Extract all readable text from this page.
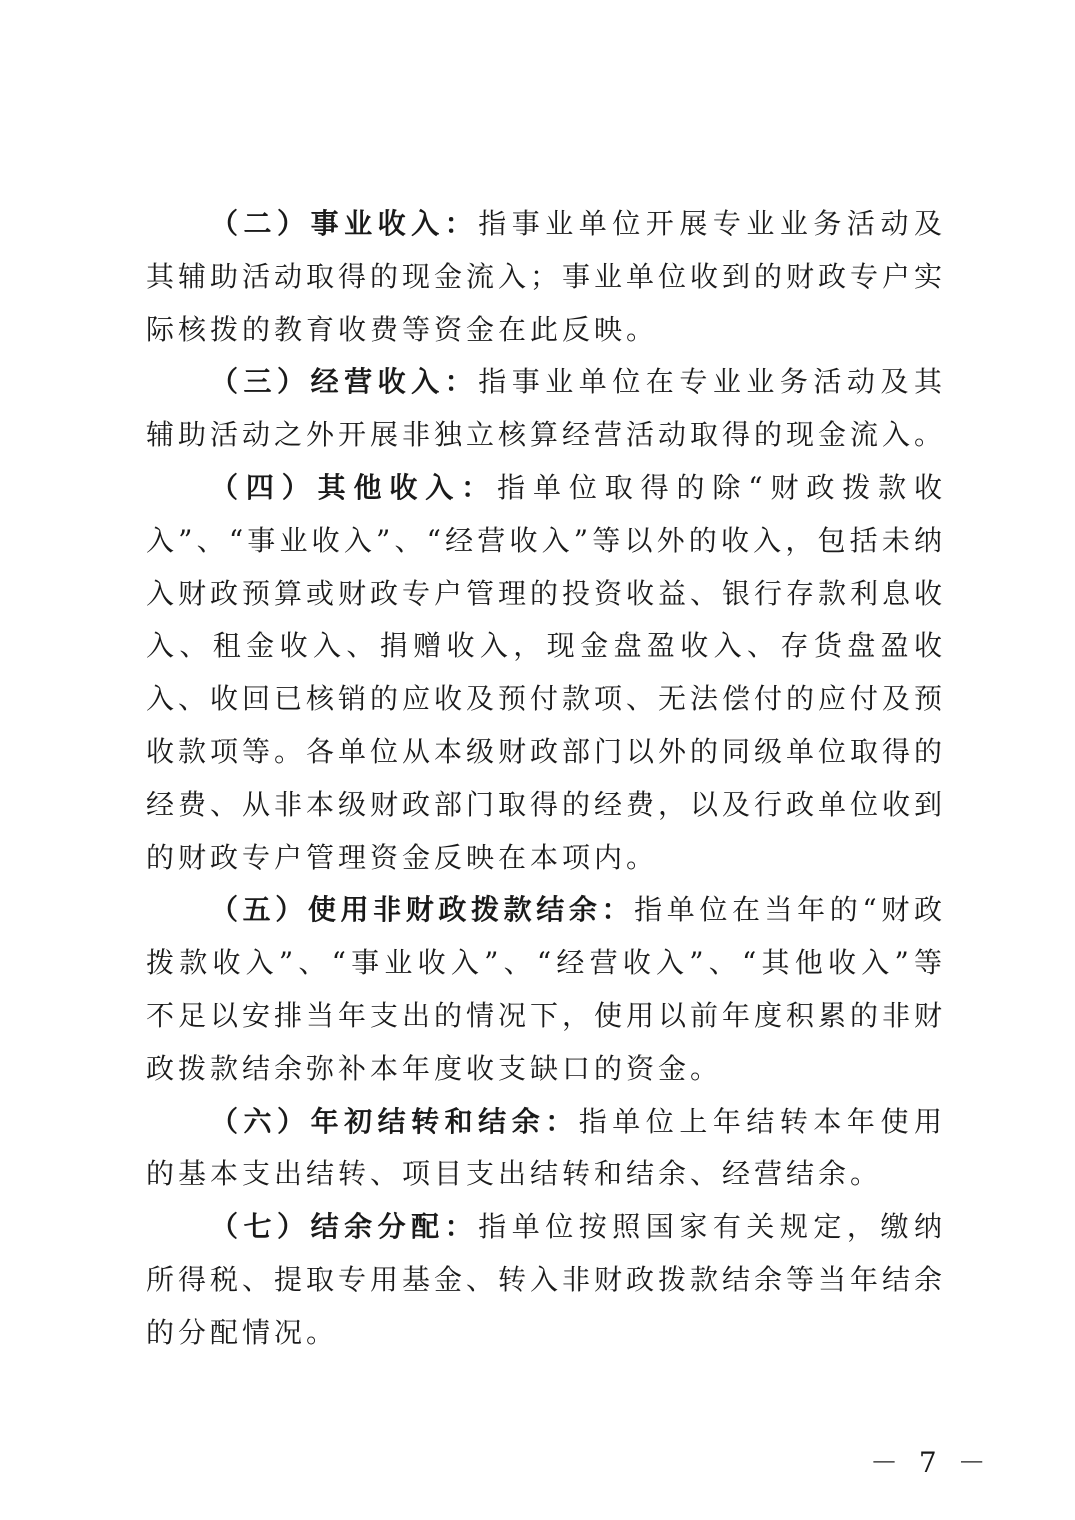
（二）事业收入：指事业单位开展专业业务活动及其辅助活动取得的现金流入；事业单位收到的财政专户实际核拨的教育收费等资金在此反映。

（三）经营收入：指事业单位在专业业务活动及其辅助活动之外开展非独立核算经营活动取得的现金流入。

（四）其他收入：指单位取得的除“财政拨款收入”、“事业收入”、“经营收入”等以外的收入，包括未纳入财政预算或财政专户管理的投资收益、银行存款利息收入、租金收入、捐赠收入，现金盘盈收入、存货盘盈收入、收回已核销的应收及预付款项、无法偿付的应付及预收款项等。各单位从本级财政部门以外的同级单位取得的经费、从非本级财政部门取得的经费，以及行政单位收到的财政专户管理资金反映在本项内。

（五）使用非财政拨款结余：指单位在当年的“财政拨款收入”、“事业收入”、“经营收入”、“其他收入”等不足以安排当年支出的情况下，使用以前年度积累的非财政拨款结余弥补本年度收支缺口的资金。

（六）年初结转和结余：指单位上年结转本年使用的基本支出结转、项目支出结转和结余、经营结余。

（七）结余分配：指单位按照国家有关规定，缴纳所得税、提取专用基金、转入非财政拨款结余等当年结余的分配情况。

－ 7 －
